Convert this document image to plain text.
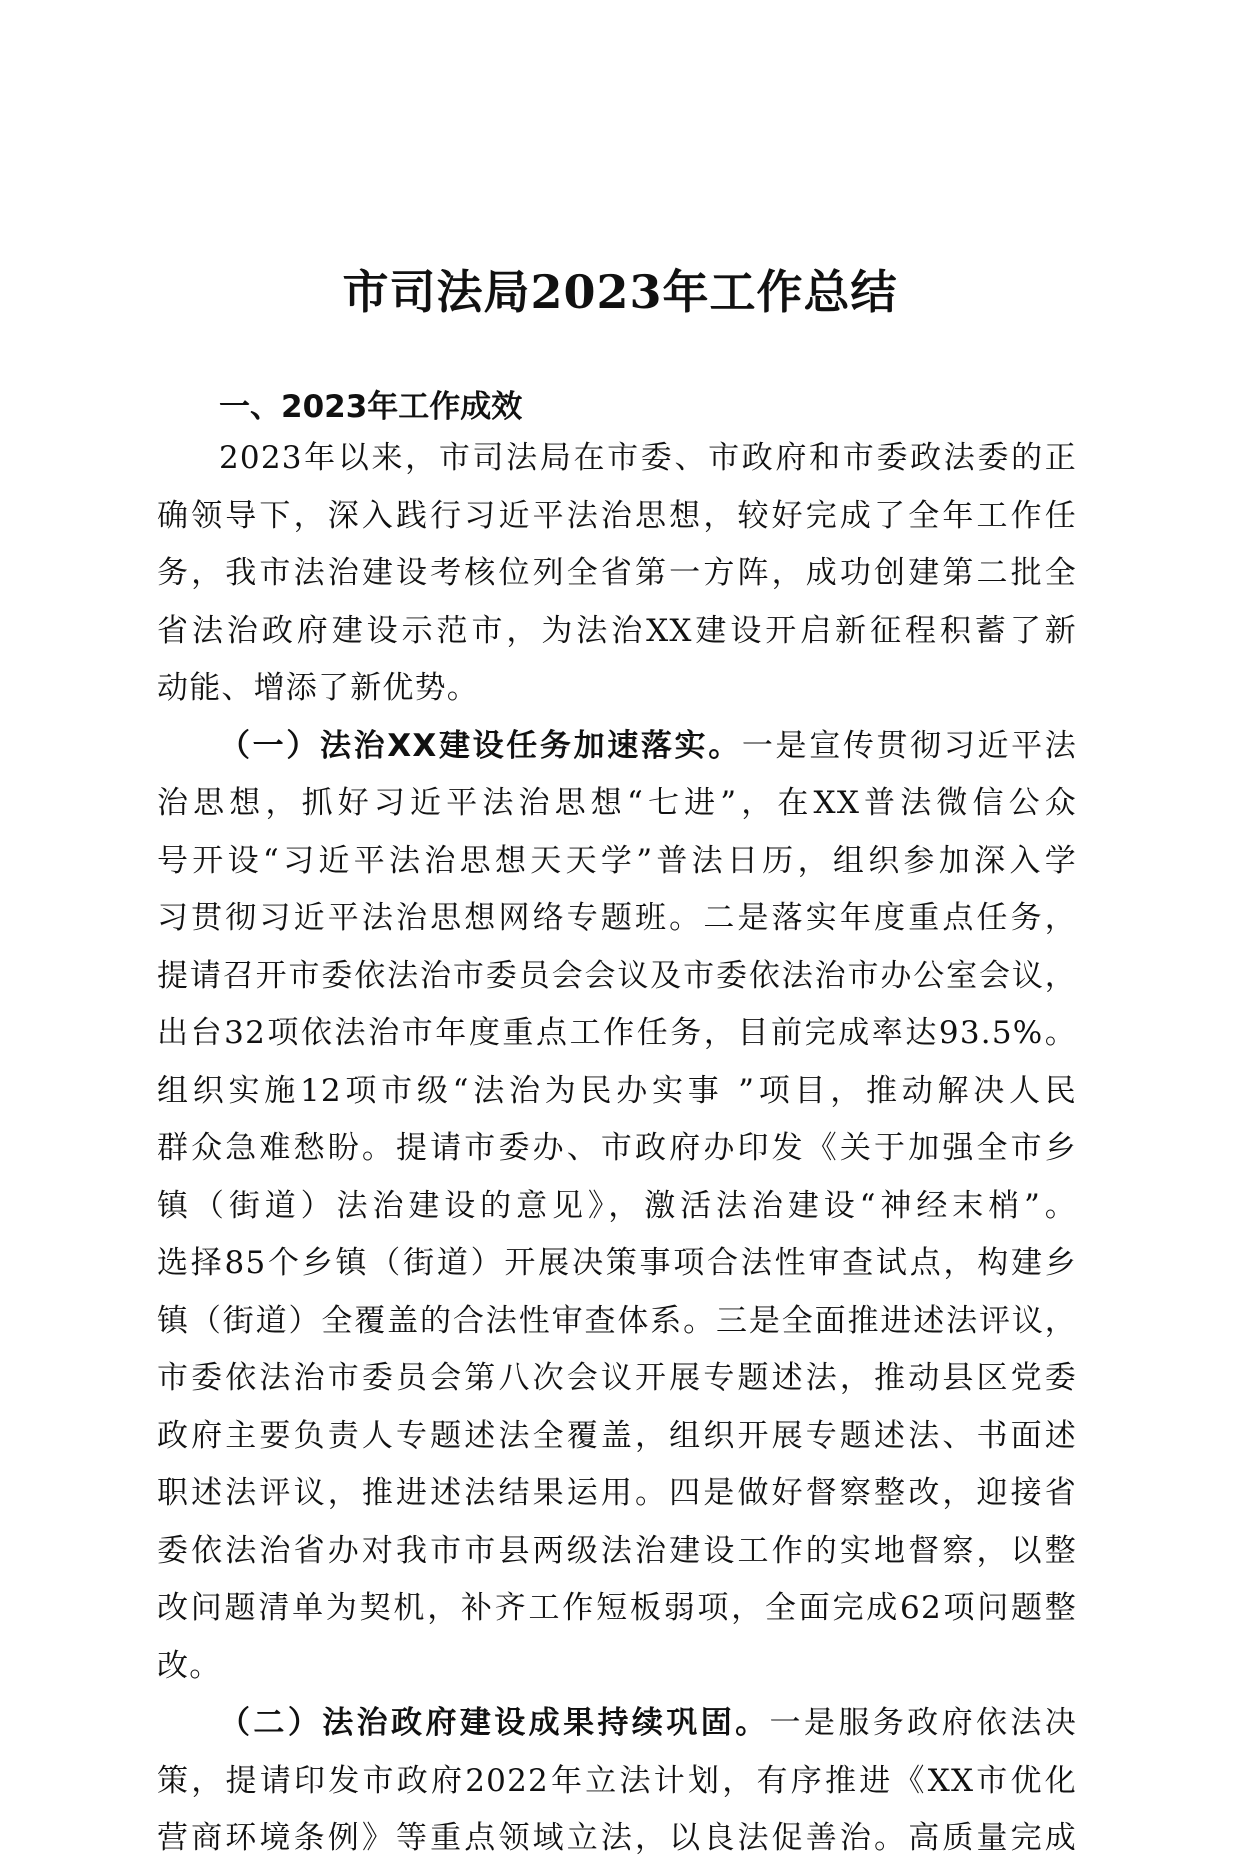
市司法局2023年工作总结
一、2023年工作成效

2023年以来，市司法局在市委、市政府和市委政法委的正

确领导下，深入践行习近平法治思想，较好完成了全年工作任

务，我市法治建设考核位列全省第一方阵，成功创建第二批全

省法治政府建设示范市，为法治XX建设开启新征程积蓄了新

动能、增添了新优势。

（一）法治XX建设任务加速落实。一是宣传贯彻习近平法

治思想，抓好习近平法治思想“七进”，在XX普法微信公众

号开设“习近平法治思想天天学”普法日历，组织参加深入学

习贯彻习近平法治思想网络专题班。二是落实年度重点任务，

提请召开市委依法治市委员会会议及市委依法治市办公室会议，

出台32项依法治市年度重点工作任务，目前完成率达93.5%。

组织实施12项市级“法治为民办实事 ”项目，推动解决人民

群众急难愁盼。提请市委办、市政府办印发《关于加强全市乡

镇（街道）法治建设的意见》，激活法治建设“神经末梢”。

选择85个乡镇（街道）开展决策事项合法性审查试点，构建乡

镇（街道）全覆盖的合法性审查体系。三是全面推进述法评议，

市委依法治市委员会第八次会议开展专题述法，推动县区党委

政府主要负责人专题述法全覆盖，组织开展专题述法、书面述

职述法评议，推进述法结果运用。四是做好督察整改，迎接省

委依法治省办对我市市县两级法治建设工作的实地督察，以整

改问题清单为契机，补齐工作短板弱项，全面完成62项问题整

改。

（二）法治政府建设成果持续巩固。一是服务政府依法决

策，提请印发市政府2022年立法计划，有序推进《XX市优化

营商环境条例》等重点领域立法，以良法促善治。高质量完成
